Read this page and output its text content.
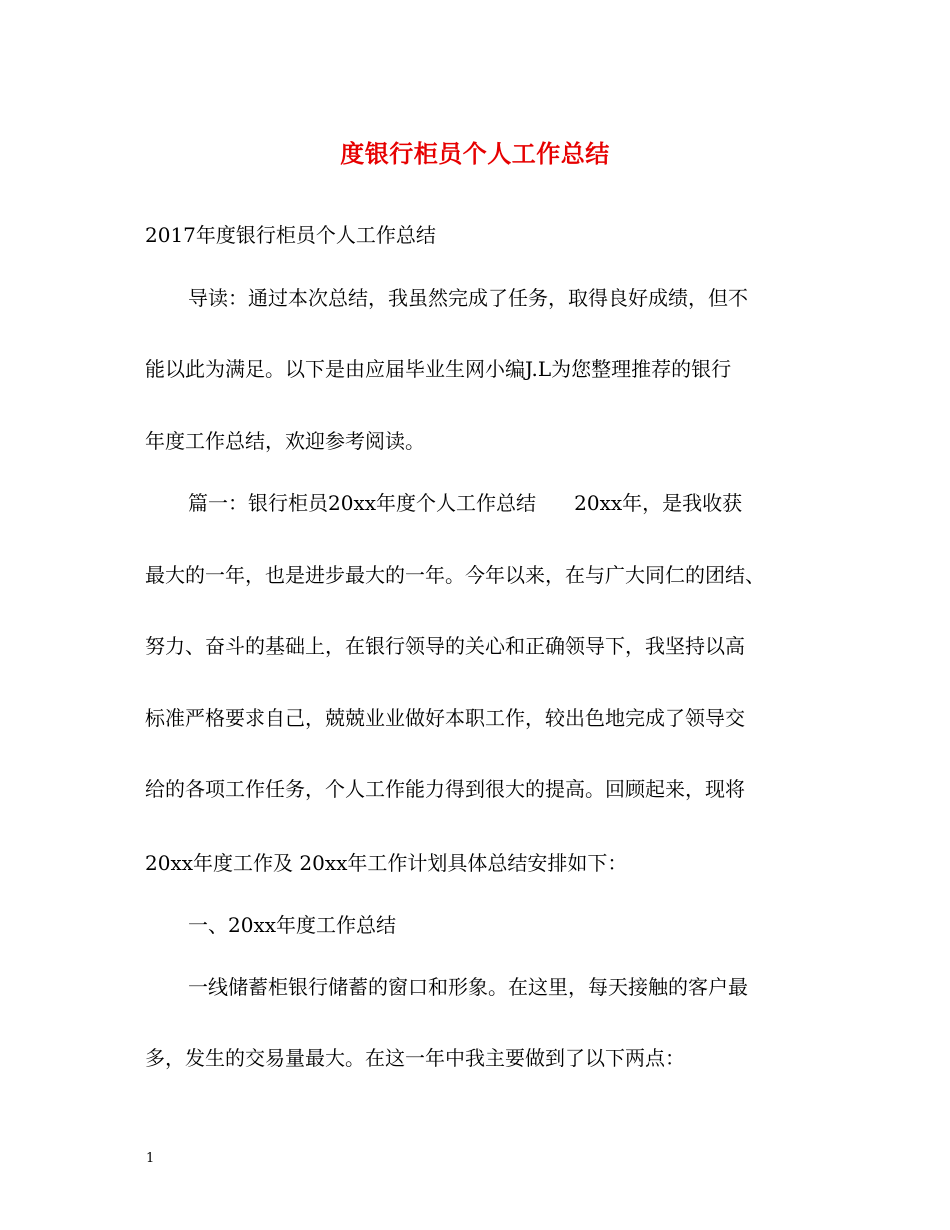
度银行柜员个人工作总结
2017年度银行柜员个人工作总结
导读：通过本次总结，我虽然完成了任务，取得良好成绩，但不
能以此为满足。以下是由应届毕业生网小编J.L为您整理推荐的银行
年度工作总结，欢迎参考阅读。
篇一：银行柜员20xx年度个人工作总结      20xx年，是我收获
最大的一年，也是进步最大的一年。今年以来，在与广大同仁的团结、
努力、奋斗的基础上，在银行领导的关心和正确领导下，我坚持以高
标准严格要求自己，兢兢业业做好本职工作，较出色地完成了领导交
给的各项工作任务，个人工作能力得到很大的提高。回顾起来，现将
20xx年度工作及 20xx年工作计划具体总结安排如下：
一、20xx年度工作总结
一线储蓄柜银行储蓄的窗口和形象。在这里，每天接触的客户最
多，发生的交易量最大。在这一年中我主要做到了以下两点：
1
